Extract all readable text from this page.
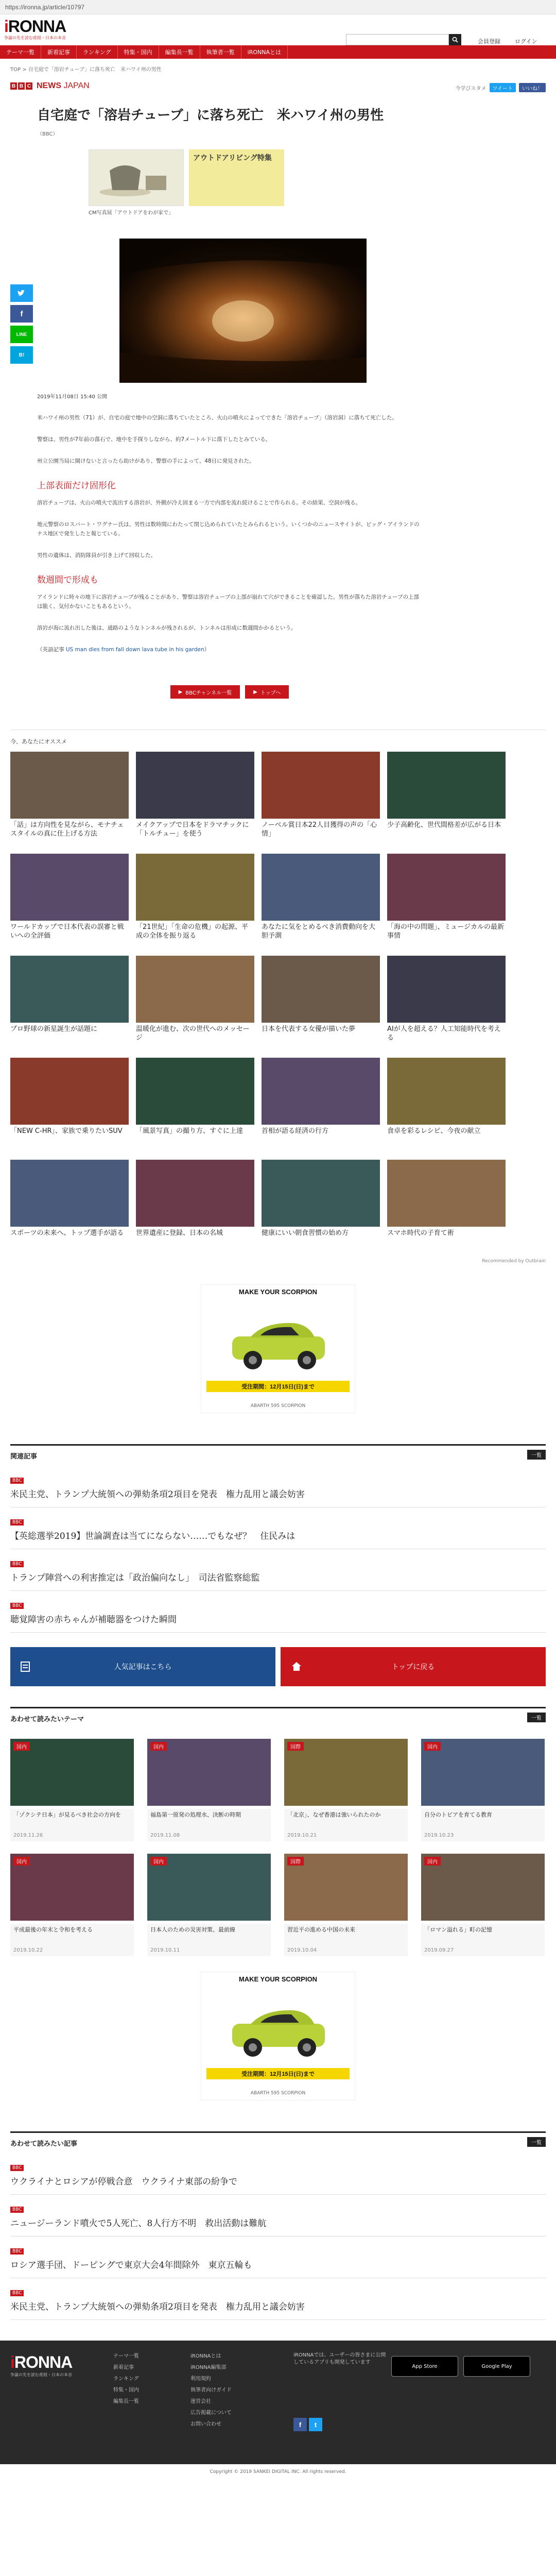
https://ironna.jp/article/10797
iRONNA
争論の先を読む産経・日本の本音
会員登録	ログイン
テーマ一覧	新着記事	ランキング	特集・国内	編集長一覧	執筆者一覧	iRONNAとは
TOP > 自宅庭で「溶岩チューブ」に落ち死亡　米ハワイ州の男性
B B C NEWS JAPAN	今学びスタメ	ツイート	いいね！
f
LINE
B!
自宅庭で「溶岩チューブ」に落ち死亡　米ハワイ州の男性
（BBC）
アウトドアリビング特集
CM写真展「アウトドアをわが家で」
2019年11月08日 15:40 公開

米ハワイ州の男性（71）が、自宅の庭で地中の空洞に落ちていたところ、火山の噴火によってできた「溶岩チューブ」（溶岩洞）に落ちて死亡した。

警察は、男性が7年前の落石で、地中を手探りしながら、約7メートル下に落下したとみている。

州立公園当局に開けないと言ったら助けがあり、警察の手によって、48日に発見された。

上部表面だけ固形化

溶岩チューブは、火山の噴火で流出する溶岩が、外側が冷え固まる一方で内部を流れ続けることで作られる。その結果、空洞が残る。

地元警察のロスバート・ワグナー氏は、男性は数時間にわたって閉じ込められていたとみられるという。いくつかのニュースサイトが、ビッグ・アイランドのナス地区で発生したと報じている。

男性の遺体は、消防隊員が引き上げて回収した。

数週間で形成も

アイランドに時々の地下に溶岩チューブが残ることがあり、警察は溶岩チューブの上部が崩れて穴ができることを確認した。男性が落ちた溶岩チューブの上部は脆く、気付かないこともあるという。

溶岩が海に流れ出した後は、通路のようなトンネルが残されるが、トンネルは形成に数週間かかるという。

（英語記事 US man dies from fall down lava tube in his garden）

▶ BBCチャンネル一覧	▶ トップへ
今、あなたにオススメ
「話」は方向性を見ながら、モナチェスタイルの真に仕上げる方法
メイクアップで日本をドラマチックに「トルチュー」を使う
ノーベル賞日本22人目獲得の声の「心情」
少子高齢化、世代間格差が広がる日本
ワールドカップで日本代表の誤審と戦いへの全評価
「21世紀」「生命の危機」の起源、平成の全体を振り返る
あなたに気をとめるべき消費動向を大胆予測
「海の中の問題」、ミュージカルの最新事情
プロ野球の新星誕生が話題に	温暖化が進む、次の世代へのメッセージ
日本を代表する女優が描いた夢	AIが人を超える？人工知能時代を考える
「NEW C-HR」、家族で乗りたいSUV	「風景写真」の撮り方、すぐに上達	首相が語る経済の行方	食卓を彩るレシピ、今夜の献立
スポーツの未来へ、トップ選手が語る	世界遺産に登録、日本の名城	健康にいい朝食習慣の始め方	スマホ時代の子育て術
Recommended by Outbrain
MAKE YOUR SCORPION
受注期間：12月15日(日)まで
ABARTH 595 SCORPION
関連記事	一覧
BBC

米民主党、トランプ大統領への弾劾条項2項目を発表　権力乱用と議会妨害
BBC

【英総選挙2019】世論調査は当てにならない……でもなぜ？　住民みは
BBC

トランプ陣営への利害推定は「政治偏向なし」　司法省監察総監
BBC

聴覚障害の赤ちゃんが補聴器をつけた瞬間
人気記事はこちら	トップに戻る
あわせて読みたいテーマ	一覧
国内
「ゾクシテ日本」が見るべき社会の方向を
2019.11.26
国内
福島第一原発の処理水、決断の時期
2019.11.08
国際
「北京」、なぜ香港は強いられたのか
2019.10.21
国内
自分のトビアを育てる教育
2019.10.23
国内
平成最後の年末と令和を考える
2019.10.22
国内
日本人のための災害対策、最前線
2019.10.11
国際
習近平の進める中国の未来
2019.10.04
国内
「ロマン溢れる」町の記憶
2019.09.27
MAKE YOUR SCORPION
受注期間：12月15日(日)まで
ABARTH 595 SCORPION
あわせて読みたい記事	一覧
BBC

ウクライナとロシアが停戦合意　ウクライナ東部の紛争で
BBC

ニュージーランド噴火で5人死亡、8人行方不明　救出活動は難航
BBC

ロシア選手団、ドーピングで東京大会4年間除外　東京五輪も
BBC

米民主党、トランプ大統領への弾劾条項2項目を発表　権力乱用と議会妨害
iRONNA
争論の先を読む産経・日本の本音
テーマ一覧
新着記事
ランキング
特集・国内
編集長一覧
iRONNAとは
iRONNA編集部
利用規約
執筆者向けガイド
運営会社
広告掲載について
お問い合わせ
iRONNAでは、ユーザーの皆さまに公開しているアプリも開発しています
App Store	Google Play
f	t
Copyright © 2019 SANKEI DIGITAL INC. All rights reserved.
